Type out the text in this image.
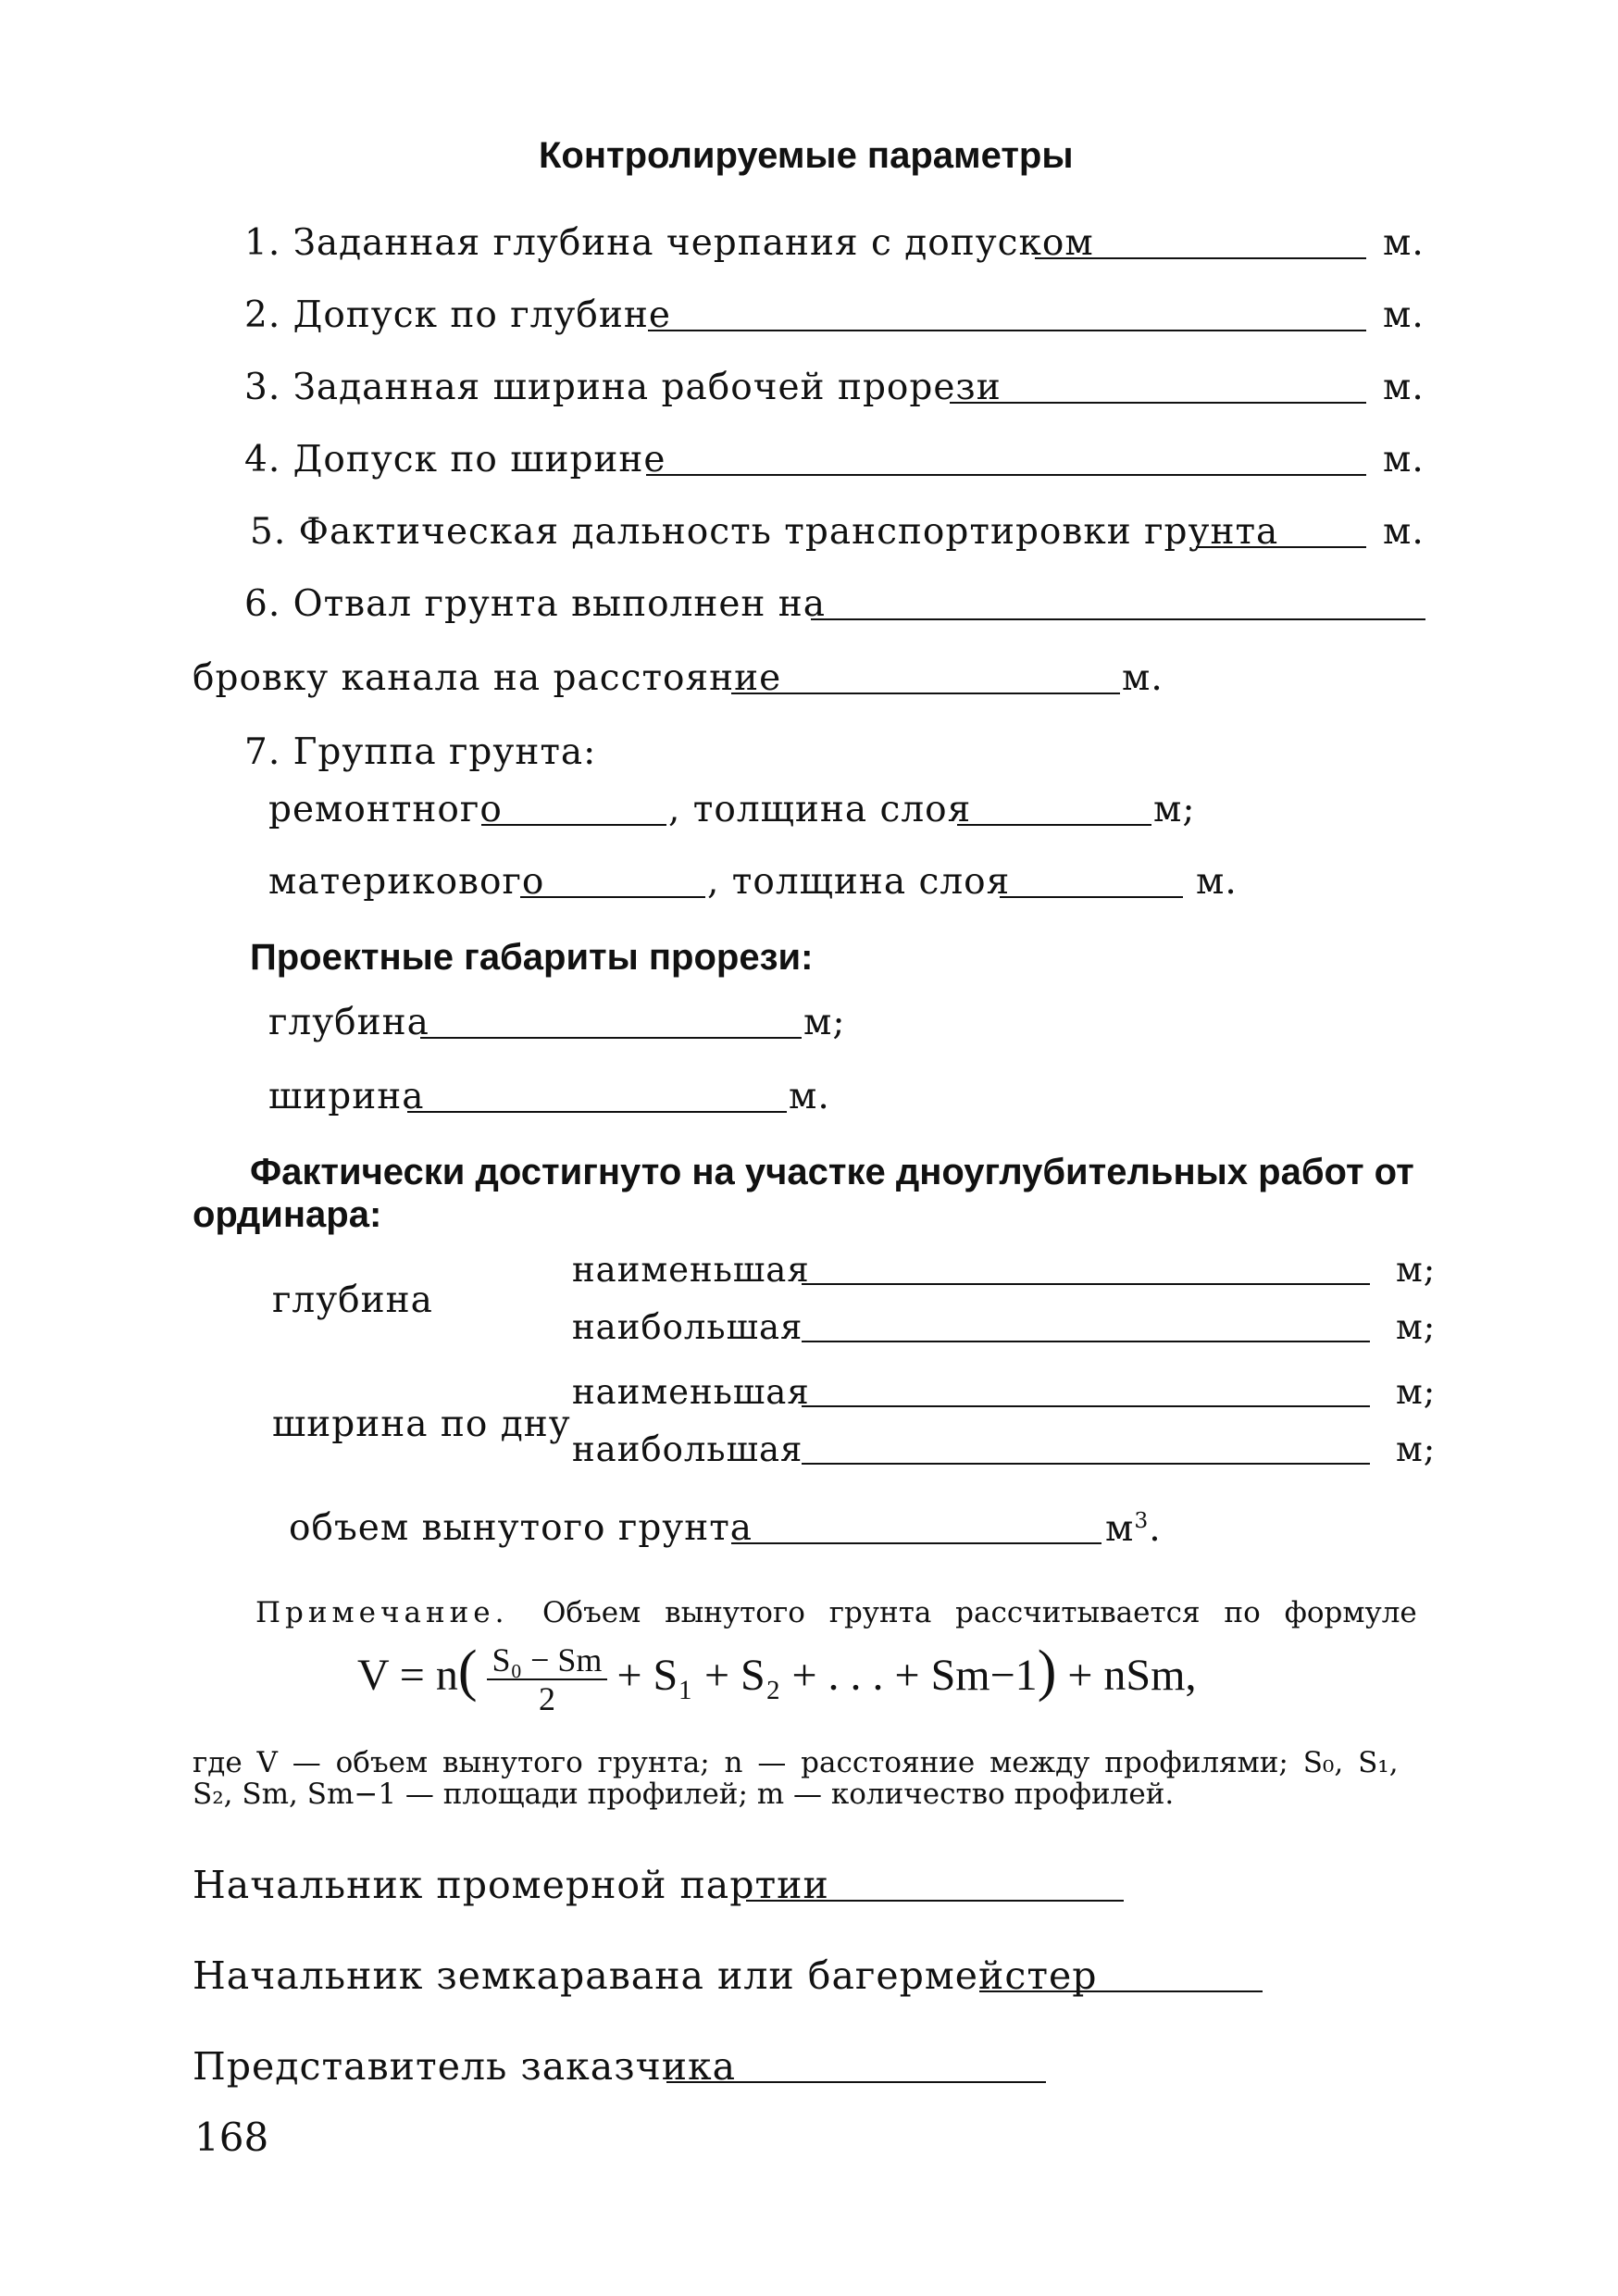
Контролируемые параметры
1. Заданная глубина черпания с допуском	м.
2. Допуск по глубине	м.
3. Заданная ширина рабочей прорези	м.
4. Допуск по ширине	м.
5. Фактическая дальность транспортировки грунта	м.
6. Отвал грунта выполнен на
бровку канала на расстояние	м.
7. Группа грунта:
ремонтного	, толщина слоя	м;
материкового	, толщина слоя	м.
Проектные габариты прорези:
глубина	м;
ширина	м.
Фактически достигнуто на участке дноуглубительных работ от
ординара:
глубина
наименьшая	м;
наибольшая	м;
ширина по дну
наименьшая	м;
наибольшая	м;
объем вынутого грунта	$м^3$.
Примечание. Объем вынутого грунта рассчитывается по формуле
$V = n( \frac{\text{S₀ − Sm}}{2} + S_1 + S_2$ + . . . + Sm−1) + nSm,
где V — объем вынутого грунта; n — расстояние между профилями; S₀, S₁,
S₂, Sm, Sm−1 — площади профилей; m — количество профилей.
Начальник промерной партии
Начальник земкаравана или багермейстер
Представитель заказчика
168
